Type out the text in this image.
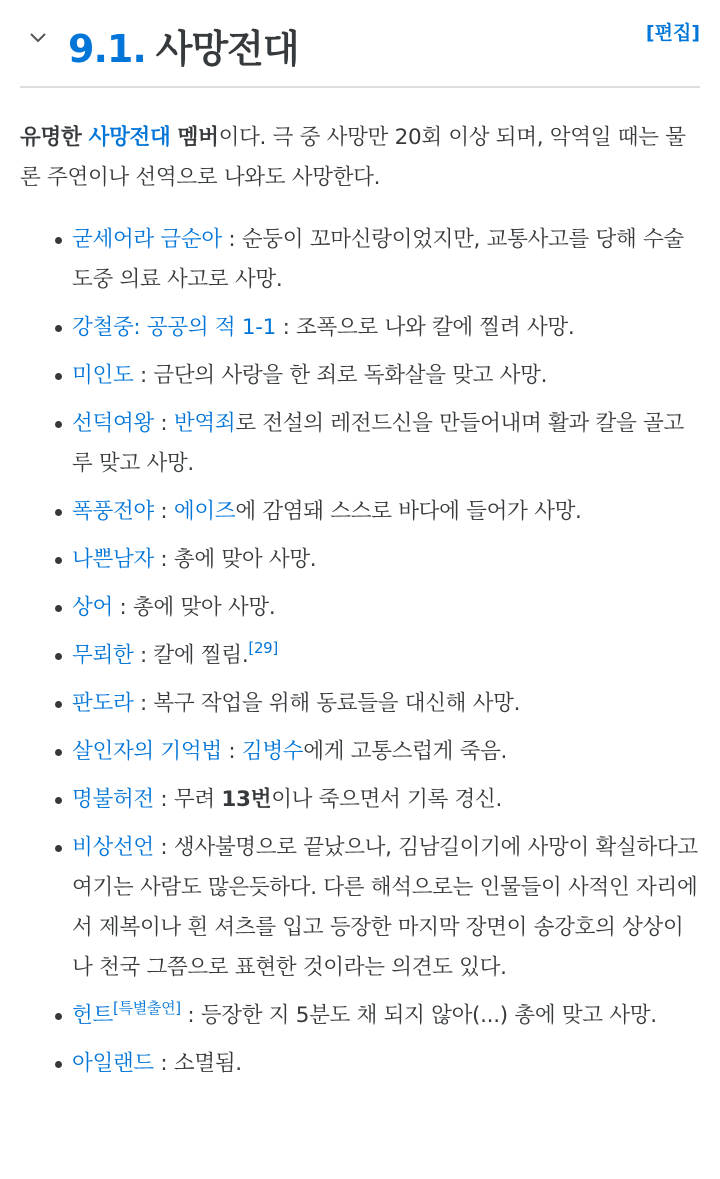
9.1. 사망전대	[편집]
유명한 사망전대 멤버이다. 극 중 사망만 20회 이상 되며, 악역일 때는 물론 주연이나 선역으로 나와도 사망한다.
굳세어라 금순아 : 순둥이 꼬마신랑이었지만, 교통사고를 당해 수술 도중 의료 사고로 사망.
강철중: 공공의 적 1-1 : 조폭으로 나와 칼에 찔려 사망.
미인도 : 금단의 사랑을 한 죄로 독화살을 맞고 사망.
선덕여왕 : 반역죄로 전설의 레전드신을 만들어내며 활과 칼을 골고루 맞고 사망.
폭풍전야 : 에이즈에 감염돼 스스로 바다에 들어가 사망.
나쁜남자 : 총에 맞아 사망.
상어 : 총에 맞아 사망.
무뢰한 : 칼에 찔림.[29]
판도라 : 복구 작업을 위해 동료들을 대신해 사망.
살인자의 기억법 : 김병수에게 고통스럽게 죽음.
명불허전 : 무려 13번이나 죽으면서 기록 경신.
비상선언 : 생사불명으로 끝났으나, 김남길이기에 사망이 확실하다고 여기는 사람도 많은듯하다. 다른 해석으로는 인물들이 사적인 자리에서 제복이나 흰 셔츠를 입고 등장한 마지막 장면이 송강호의 상상이나 천국 그쯤으로 표현한 것이라는 의견도 있다.
헌트[특별출연] : 등장한 지 5분도 채 되지 않아(...) 총에 맞고 사망.
아일랜드 : 소멸됨.
